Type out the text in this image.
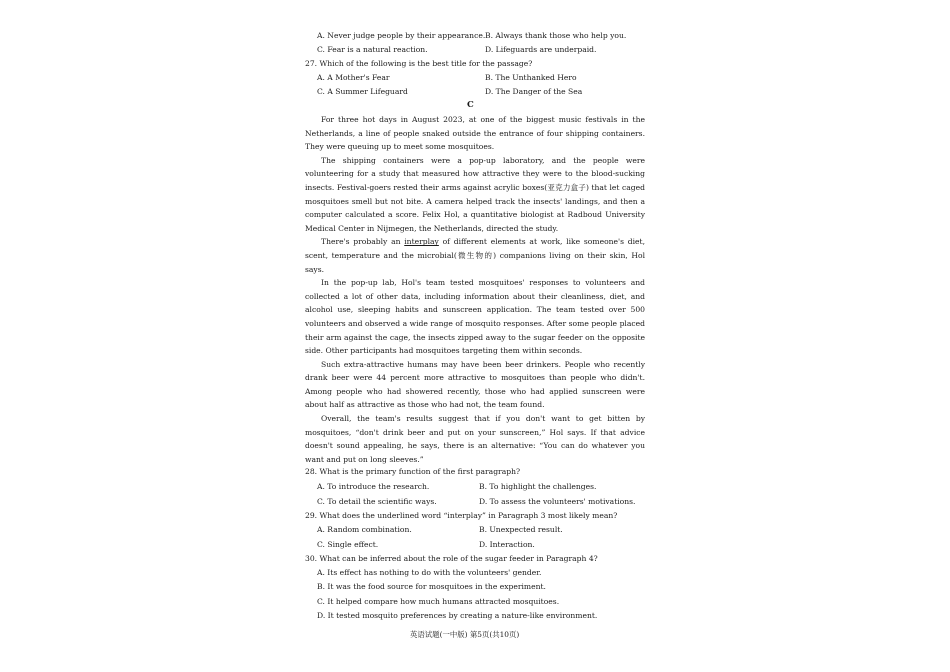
A. Never judge people by their appearance. B. Always thank those who help you.
C. Fear is a natural reaction.	D. Lifeguards are underpaid.
27. Which of the following is the best title for the passage?
A. A Mother's Fear	B. The Unthanked Hero
C. A Summer Lifeguard	D. The Danger of the Sea
C

For three hot days in August 2023, at one of the biggest music festivals in the Netherlands, a line of people snaked outside the entrance of four shipping containers. They were queuing up to meet some mosquitoes.

The shipping containers were a pop-up laboratory, and the people were volunteering for a study that measured how attractive they were to the blood-sucking insects. Festival-goers rested their arms against acrylic boxes(亚克力盒子) that let caged mosquitoes smell but not bite. A camera helped track the insects' landings, and then a computer calculated a score. Felix Hol, a quantitative biologist at Radboud University Medical Center in Nijmegen, the Netherlands, directed the study.

There's probably an interplay of different elements at work, like someone's diet, scent, temperature and the microbial(微生物的) companions living on their skin, Hol says.

In the pop-up lab, Hol's team tested mosquitoes' responses to volunteers and collected a lot of other data, including information about their cleanliness, diet, and alcohol use, sleeping habits and sunscreen application. The team tested over 500 volunteers and observed a wide range of mosquito responses. After some people placed their arm against the cage, the insects zipped away to the sugar feeder on the opposite side. Other participants had mosquitoes targeting them within seconds.

Such extra-attractive humans may have been beer drinkers. People who recently drank beer were 44 percent more attractive to mosquitoes than people who didn't. Among people who had showered recently, those who had applied sunscreen were about half as attractive as those who had not, the team found.

Overall, the team's results suggest that if you don't want to get bitten by mosquitoes, “don't drink beer and put on your sunscreen,” Hol says. If that advice doesn't sound appealing, he says, there is an alternative: “You can do whatever you want and put on long sleeves.”

28. What is the primary function of the first paragraph?
A. To introduce the research.	B. To highlight the challenges.
C. To detail the scientific ways.	D. To assess the volunteers' motivations.
29. What does the underlined word “interplay” in Paragraph 3 most likely mean?
A. Random combination.	B. Unexpected result.
C. Single effect.	D. Interaction.
30. What can be inferred about the role of the sugar feeder in Paragraph 4?
A. Its effect has nothing to do with the volunteers' gender.
B. It was the food source for mosquitoes in the experiment.
C. It helped compare how much humans attracted mosquitoes.
D. It tested mosquito preferences by creating a nature-like environment.
英语试题(一中版) 第5页(共10页)
